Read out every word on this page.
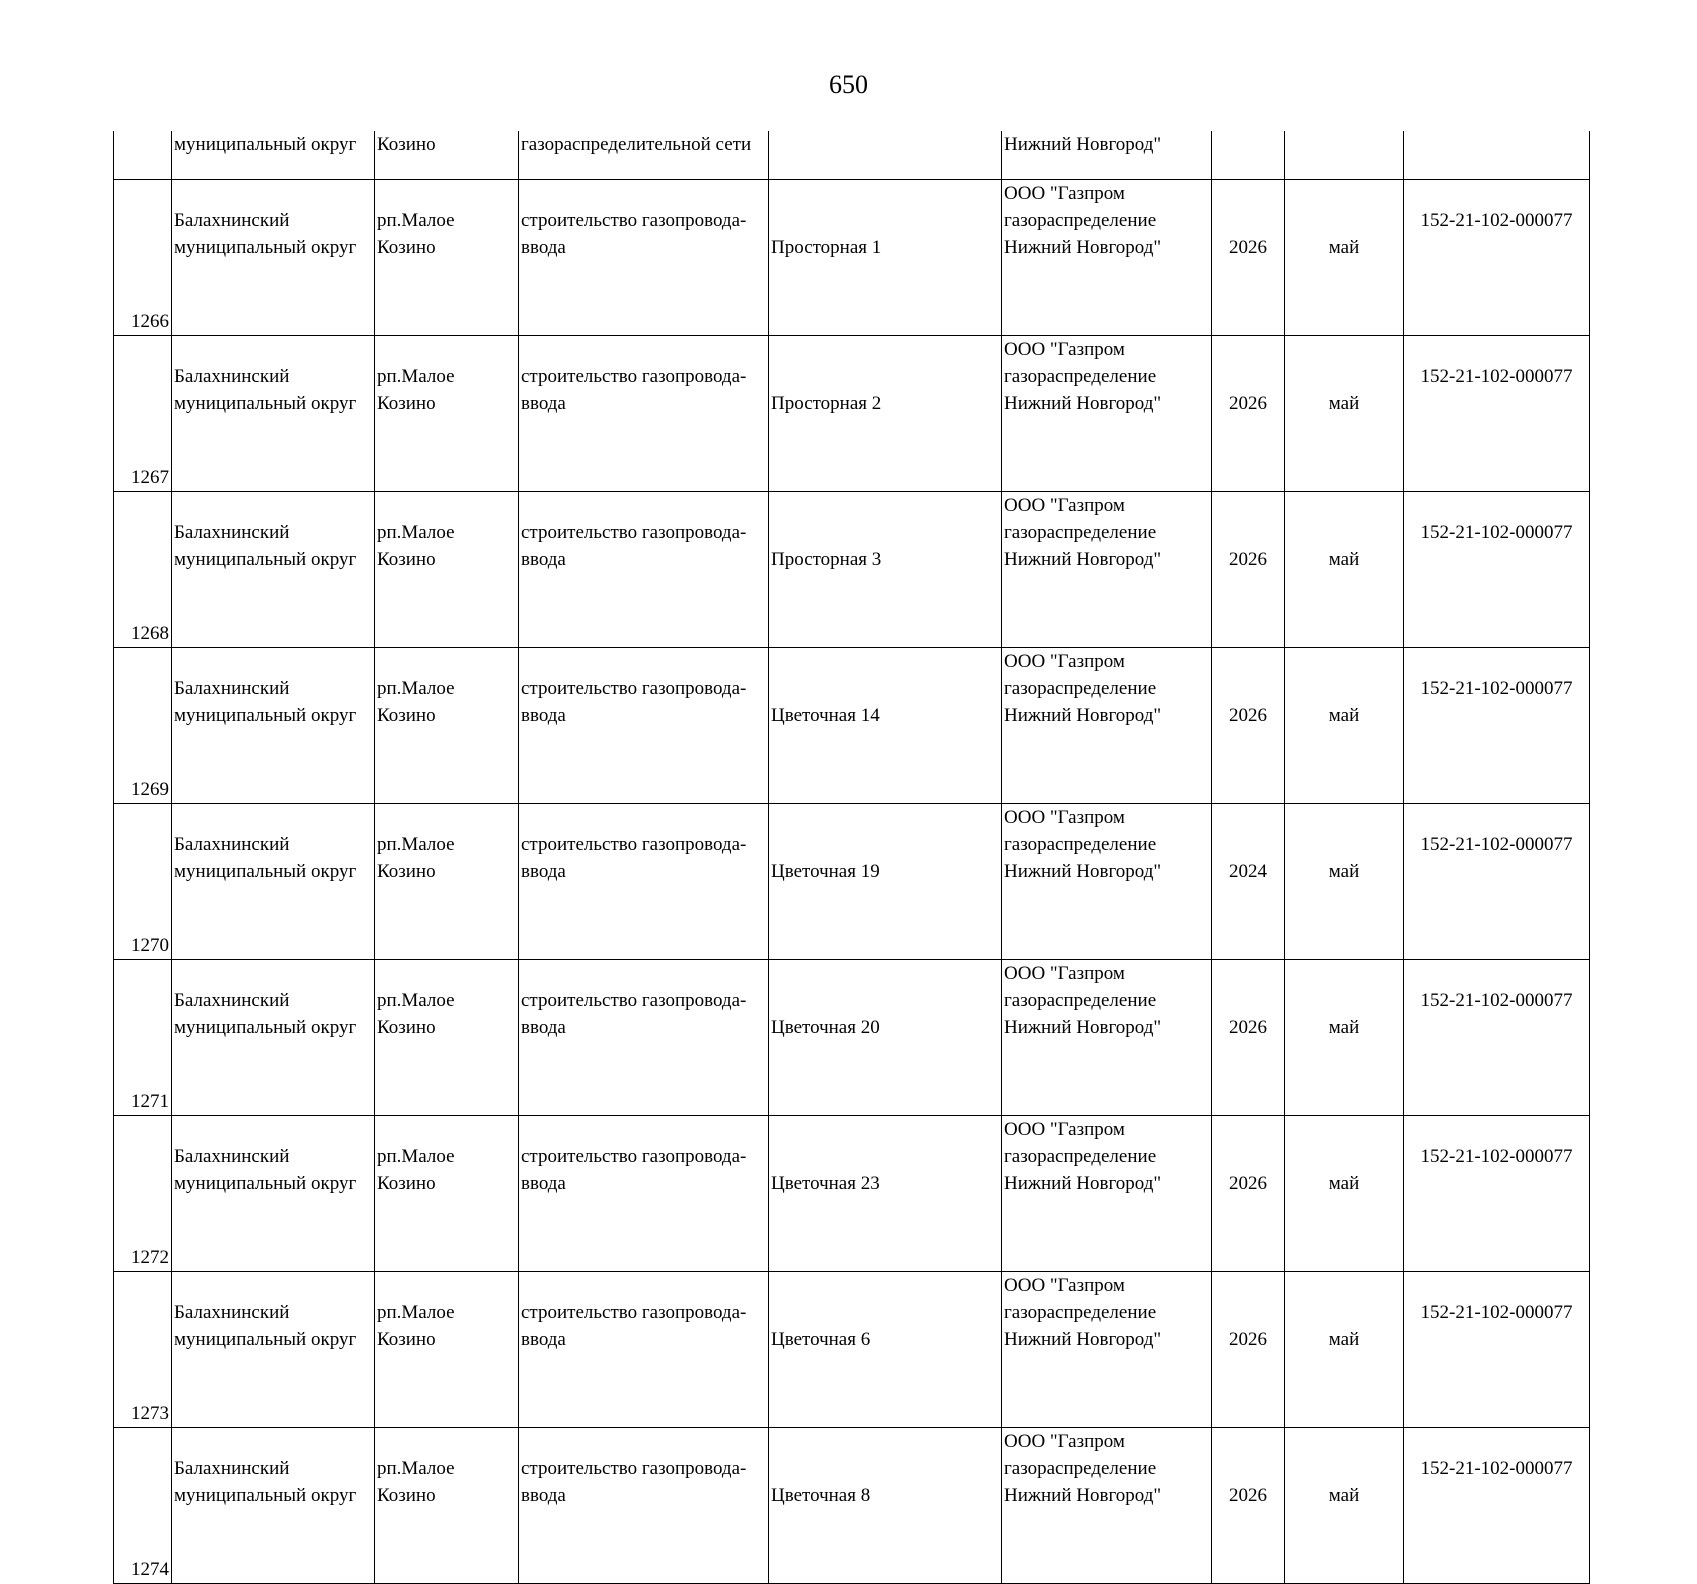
650
	муниципальный округ	Козино	газораспределительной сети		Нижний Новгород"			
1266	Балахнинский муниципальный округ	рп.Малое Козино	строительство газопровода-ввода	Просторная 1	ООО "Газпром
газораспределение
Нижний Новгород"	2026	май	152-21-102-000077
1267	Балахнинский муниципальный округ	рп.Малое Козино	строительство газопровода-ввода	Просторная 2	ООО "Газпром
газораспределение
Нижний Новгород"	2026	май	152-21-102-000077
1268	Балахнинский муниципальный округ	рп.Малое Козино	строительство газопровода-ввода	Просторная 3	ООО "Газпром
газораспределение
Нижний Новгород"	2026	май	152-21-102-000077
1269	Балахнинский муниципальный округ	рп.Малое Козино	строительство газопровода-ввода	Цветочная 14	ООО "Газпром
газораспределение
Нижний Новгород"	2026	май	152-21-102-000077
1270	Балахнинский муниципальный округ	рп.Малое Козино	строительство газопровода-ввода	Цветочная 19	ООО "Газпром
газораспределение
Нижний Новгород"	2024	май	152-21-102-000077
1271	Балахнинский муниципальный округ	рп.Малое Козино	строительство газопровода-ввода	Цветочная 20	ООО "Газпром
газораспределение
Нижний Новгород"	2026	май	152-21-102-000077
1272	Балахнинский муниципальный округ	рп.Малое Козино	строительство газопровода-ввода	Цветочная 23	ООО "Газпром
газораспределение
Нижний Новгород"	2026	май	152-21-102-000077
1273	Балахнинский муниципальный округ	рп.Малое Козино	строительство газопровода-ввода	Цветочная 6	ООО "Газпром
газораспределение
Нижний Новгород"	2026	май	152-21-102-000077
1274	Балахнинский муниципальный округ	рп.Малое Козино	строительство газопровода-ввода	Цветочная 8	ООО "Газпром
газораспределение
Нижний Новгород"	2026	май	152-21-102-000077
